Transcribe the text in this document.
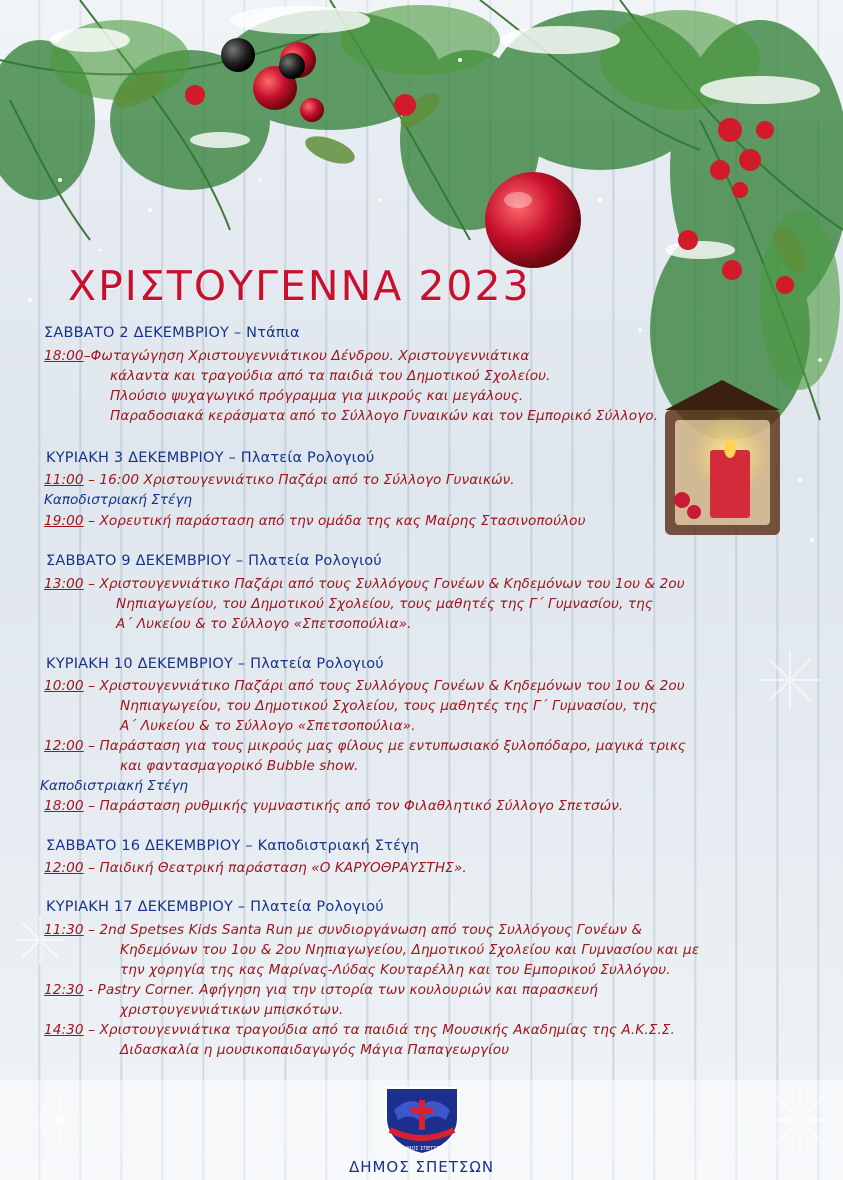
ΧΡΙΣΤΟΥΓΕΝΝΑ 2023
ΣΑΒΒΑΤΟ 2 ΔΕΚΕΜΒΡΙΟΥ – Ντάπια
18:00–Φωταγώγηση Χριστουγεννιάτικου Δένδρου. Χριστουγεννιάτικα
κάλαντα και τραγούδια από τα παιδιά του Δημοτικού Σχολείου.
Πλούσιο ψυχαγωγικό πρόγραμμα για μικρούς και μεγάλους.
Παραδοσιακά κεράσματα από το Σύλλογο Γυναικών και τον Εμπορικό Σύλλογο.
ΚΥΡΙΑΚΗ 3 ΔΕΚΕΜΒΡΙΟΥ – Πλατεία Ρολογιού
11:00 – 16:00 Χριστουγεννιάτικο Παζάρι από το Σύλλογο Γυναικών.
Καποδιστριακή Στέγη
19:00 – Χορευτική παράσταση από την ομάδα της κας Μαίρης Στασινοπούλου
ΣΑΒΒΑΤΟ 9 ΔΕΚΕΜΒΡΙΟΥ – Πλατεία Ρολογιού
13:00 – Χριστουγεννιάτικο Παζάρι από τους Συλλόγους Γονέων & Κηδεμόνων του 1ου & 2ου
Νηπιαγωγείου, του Δημοτικού Σχολείου, τους μαθητές της Γ΄ Γυμνασίου, της
Α΄ Λυκείου & το Σύλλογο «Σπετσοπούλια».
ΚΥΡΙΑΚΗ 10 ΔΕΚΕΜΒΡΙΟΥ – Πλατεία Ρολογιού
10:00 – Χριστουγεννιάτικο Παζάρι από τους Συλλόγους Γονέων & Κηδεμόνων του 1ου & 2ου
Νηπιαγωγείου, του Δημοτικού Σχολείου, τους μαθητές της Γ΄ Γυμνασίου, της
Α΄ Λυκείου & το Σύλλογο «Σπετσοπούλια».
12:00 – Παράσταση για τους μικρούς μας φίλους με εντυπωσιακό ξυλοπόδαρο, μαγικά τρικς
και φαντασμαγορικό Bubble show.
Καποδιστριακή Στέγη
18:00 – Παράσταση ρυθμικής γυμναστικής από τον Φιλαθλητικό Σύλλογο Σπετσών.
ΣΑΒΒΑΤΟ 16 ΔΕΚΕΜΒΡΙΟΥ – Καποδιστριακή Στέγη
12:00 – Παιδική Θεατρική παράσταση «Ο ΚΑΡΥΟΘΡΑΥΣΤΗΣ».
ΚΥΡΙΑΚΗ 17 ΔΕΚΕΜΒΡΙΟΥ – Πλατεία Ρολογιού
11:30 – 2nd Spetses Kids Santa Run με συνδιοργάνωση από τους Συλλόγους Γονέων &
Κηδεμόνων του 1ου & 2ου Νηπιαγωγείου, Δημοτικού Σχολείου και Γυμνασίου και με
την χορηγία της κας Μαρίνας-Λύδας Κουταρέλλη και του Εμπορικού Συλλόγου.
12:30 - Pastry Corner. Αφήγηση για την ιστορία των κουλουριών και παρασκευή
χριστουγεννιάτικων μπισκότων.
14:30 – Χριστουγεννιάτικα τραγούδια από τα παιδιά της Μουσικής Ακαδημίας της Α.Κ.Σ.Σ.
Διδασκαλία η μουσικοπαιδαγωγός Μάγια Παπαγεωργίου
ΔΗΜΟΣ ΣΠΕΤΣΩΝ
ΔΗΜΟΣ ΣΠΕΤΣΩΝ
